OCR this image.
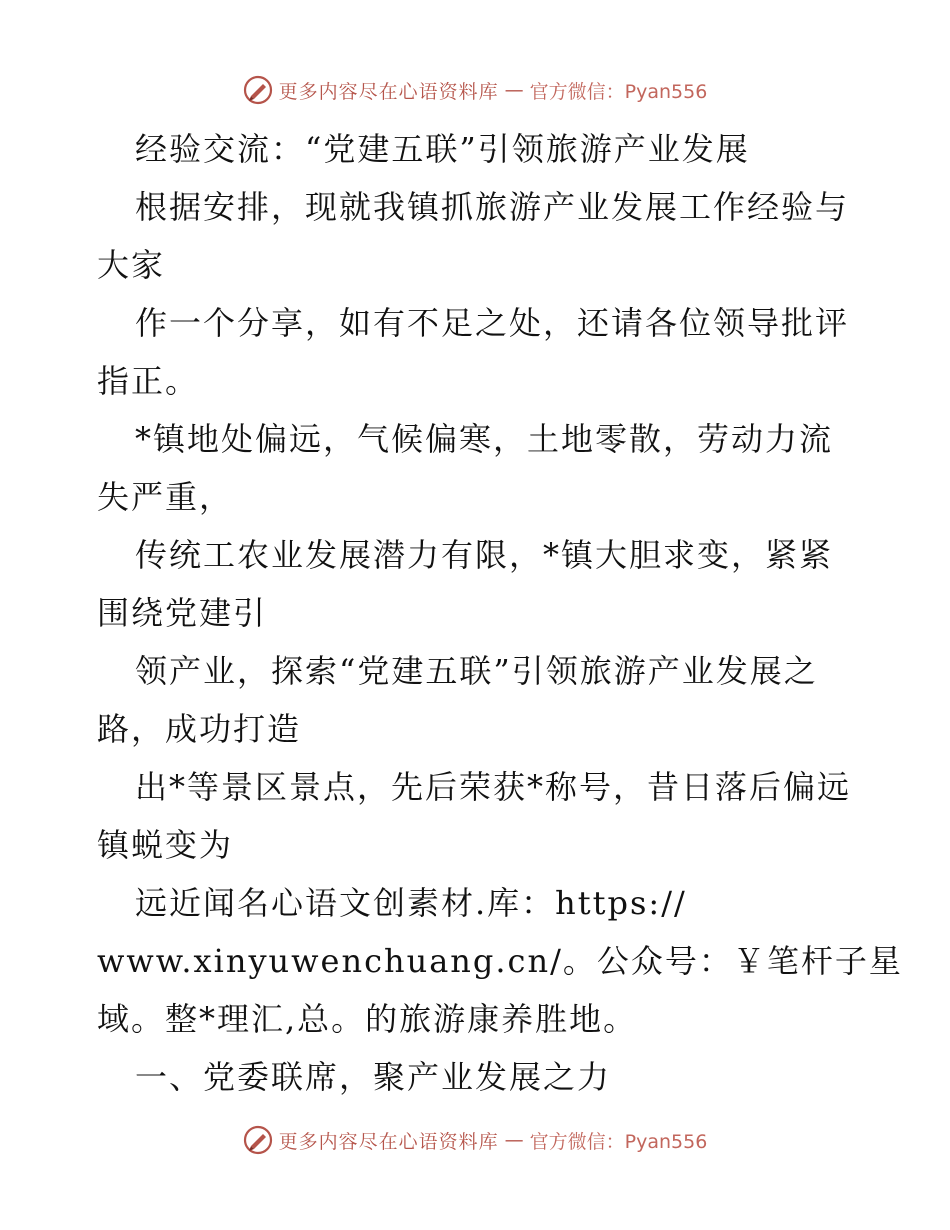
更多内容尽在心语资料库 — 官方微信：Pyan556
经验交流：“党建五联”引领旅游产业发展
根据安排，现就我镇抓旅游产业发展工作经验与
大家
作一个分享，如有不足之处，还请各位领导批评
指正。
*镇地处偏远，气候偏寒，土地零散，劳动力流
失严重，
传统工农业发展潜力有限，*镇大胆求变，紧紧
围绕党建引
领产业，探索“党建五联”引领旅游产业发展之
路，成功打造
出*等景区景点，先后荣获*称号，昔日落后偏远
镇蜕变为
远近闻名心语文创素材.库：https://
www.xinyuwenchuang.cn/。公众号：￥笔杆子星
域。整*理汇,总。的旅游康养胜地。
一、党委联席，聚产业发展之力
更多内容尽在心语资料库 — 官方微信：Pyan556
